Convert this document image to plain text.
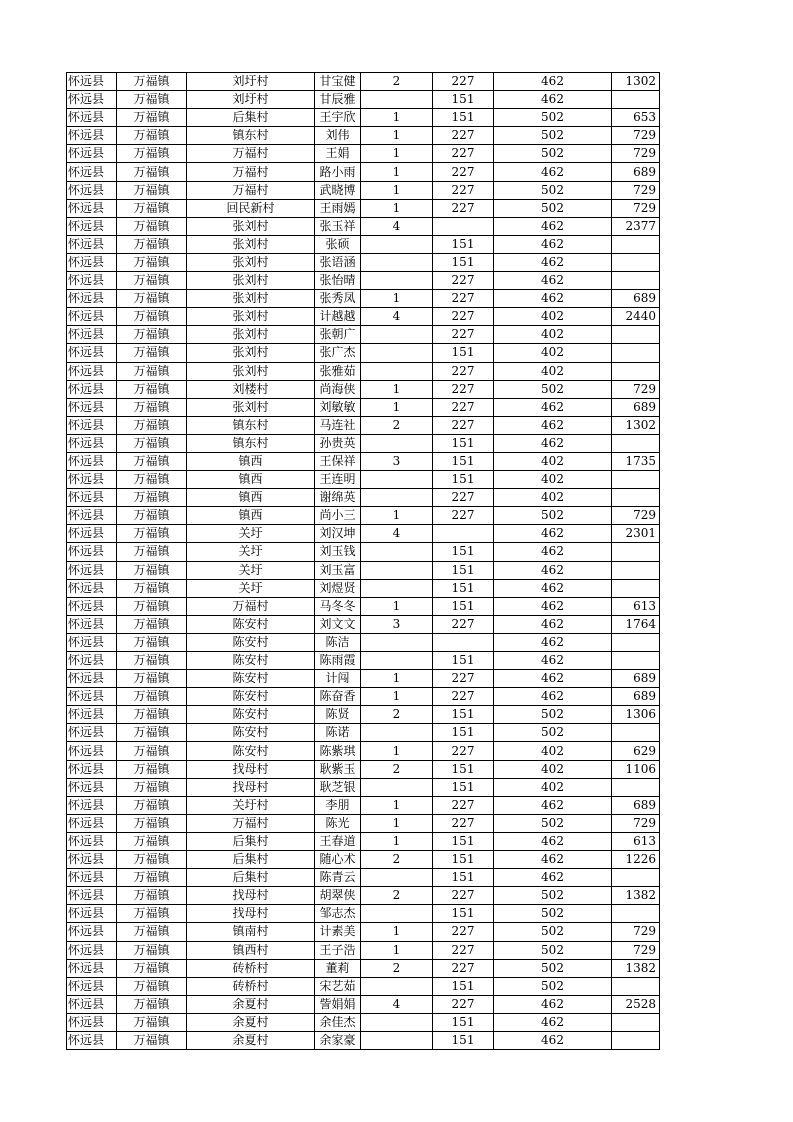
怀远县	万福镇	刘圩村	甘宝健	2	227	462	1302
怀远县	万福镇	刘圩村	甘辰雅		151	462	
怀远县	万福镇	后集村	王宇欣	1	151	502	653
怀远县	万福镇	镇东村	刘伟	1	227	502	729
怀远县	万福镇	万福村	王娟	1	227	502	729
怀远县	万福镇	万福村	路小雨	1	227	462	689
怀远县	万福镇	万福村	武晓博	1	227	502	729
怀远县	万福镇	回民新村	王雨嫣	1	227	502	729
怀远县	万福镇	张刘村	张玉祥	4		462	2377
怀远县	万福镇	张刘村	张硕		151	462	
怀远县	万福镇	张刘村	张语涵		151	462	
怀远县	万福镇	张刘村	张怡晴		227	462	
怀远县	万福镇	张刘村	张秀凤	1	227	462	689
怀远县	万福镇	张刘村	计越越	4	227	402	2440
怀远县	万福镇	张刘村	张朝广		227	402	
怀远县	万福镇	张刘村	张广杰		151	402	
怀远县	万福镇	张刘村	张雅茹		227	402	
怀远县	万福镇	刘楼村	尚海侠	1	227	502	729
怀远县	万福镇	张刘村	刘敏敏	1	227	462	689
怀远县	万福镇	镇东村	马连社	2	227	462	1302
怀远县	万福镇	镇东村	孙贵英		151	462	
怀远县	万福镇	镇西	王保祥	3	151	402	1735
怀远县	万福镇	镇西	王连明		151	402	
怀远县	万福镇	镇西	谢绵英		227	402	
怀远县	万福镇	镇西	尚小三	1	227	502	729
怀远县	万福镇	关圩	刘汉坤	4		462	2301
怀远县	万福镇	关圩	刘玉钱		151	462	
怀远县	万福镇	关圩	刘玉富		151	462	
怀远县	万福镇	关圩	刘煜贤		151	462	
怀远县	万福镇	万福村	马冬冬	1	151	462	613
怀远县	万福镇	陈安村	刘文文	3	227	462	1764
怀远县	万福镇	陈安村	陈洁			462	
怀远县	万福镇	陈安村	陈雨霞		151	462	
怀远县	万福镇	陈安村	计闯	1	227	462	689
怀远县	万福镇	陈安村	陈奋香	1	227	462	689
怀远县	万福镇	陈安村	陈贤	2	151	502	1306
怀远县	万福镇	陈安村	陈诺		151	502	
怀远县	万福镇	陈安村	陈紫琪	1	227	402	629
怀远县	万福镇	找母村	耿紫玉	2	151	402	1106
怀远县	万福镇	找母村	耿芝银		151	402	
怀远县	万福镇	关圩村	李朋	1	227	462	689
怀远县	万福镇	万福村	陈光	1	227	502	729
怀远县	万福镇	后集村	王春道	1	151	462	613
怀远县	万福镇	后集村	随心术	2	151	462	1226
怀远县	万福镇	后集村	陈青云		151	462	
怀远县	万福镇	找母村	胡翠侠	2	227	502	1382
怀远县	万福镇	找母村	邹志杰		151	502	
怀远县	万福镇	镇南村	计素美	1	227	502	729
怀远县	万福镇	镇西村	王子浩	1	227	502	729
怀远县	万福镇	砖桥村	董莉	2	227	502	1382
怀远县	万福镇	砖桥村	宋艺茹		151	502	
怀远县	万福镇	余夏村	訾娟娟	4	227	462	2528
怀远县	万福镇	余夏村	余佳杰		151	462	
怀远县	万福镇	余夏村	余家豪		151	462	
